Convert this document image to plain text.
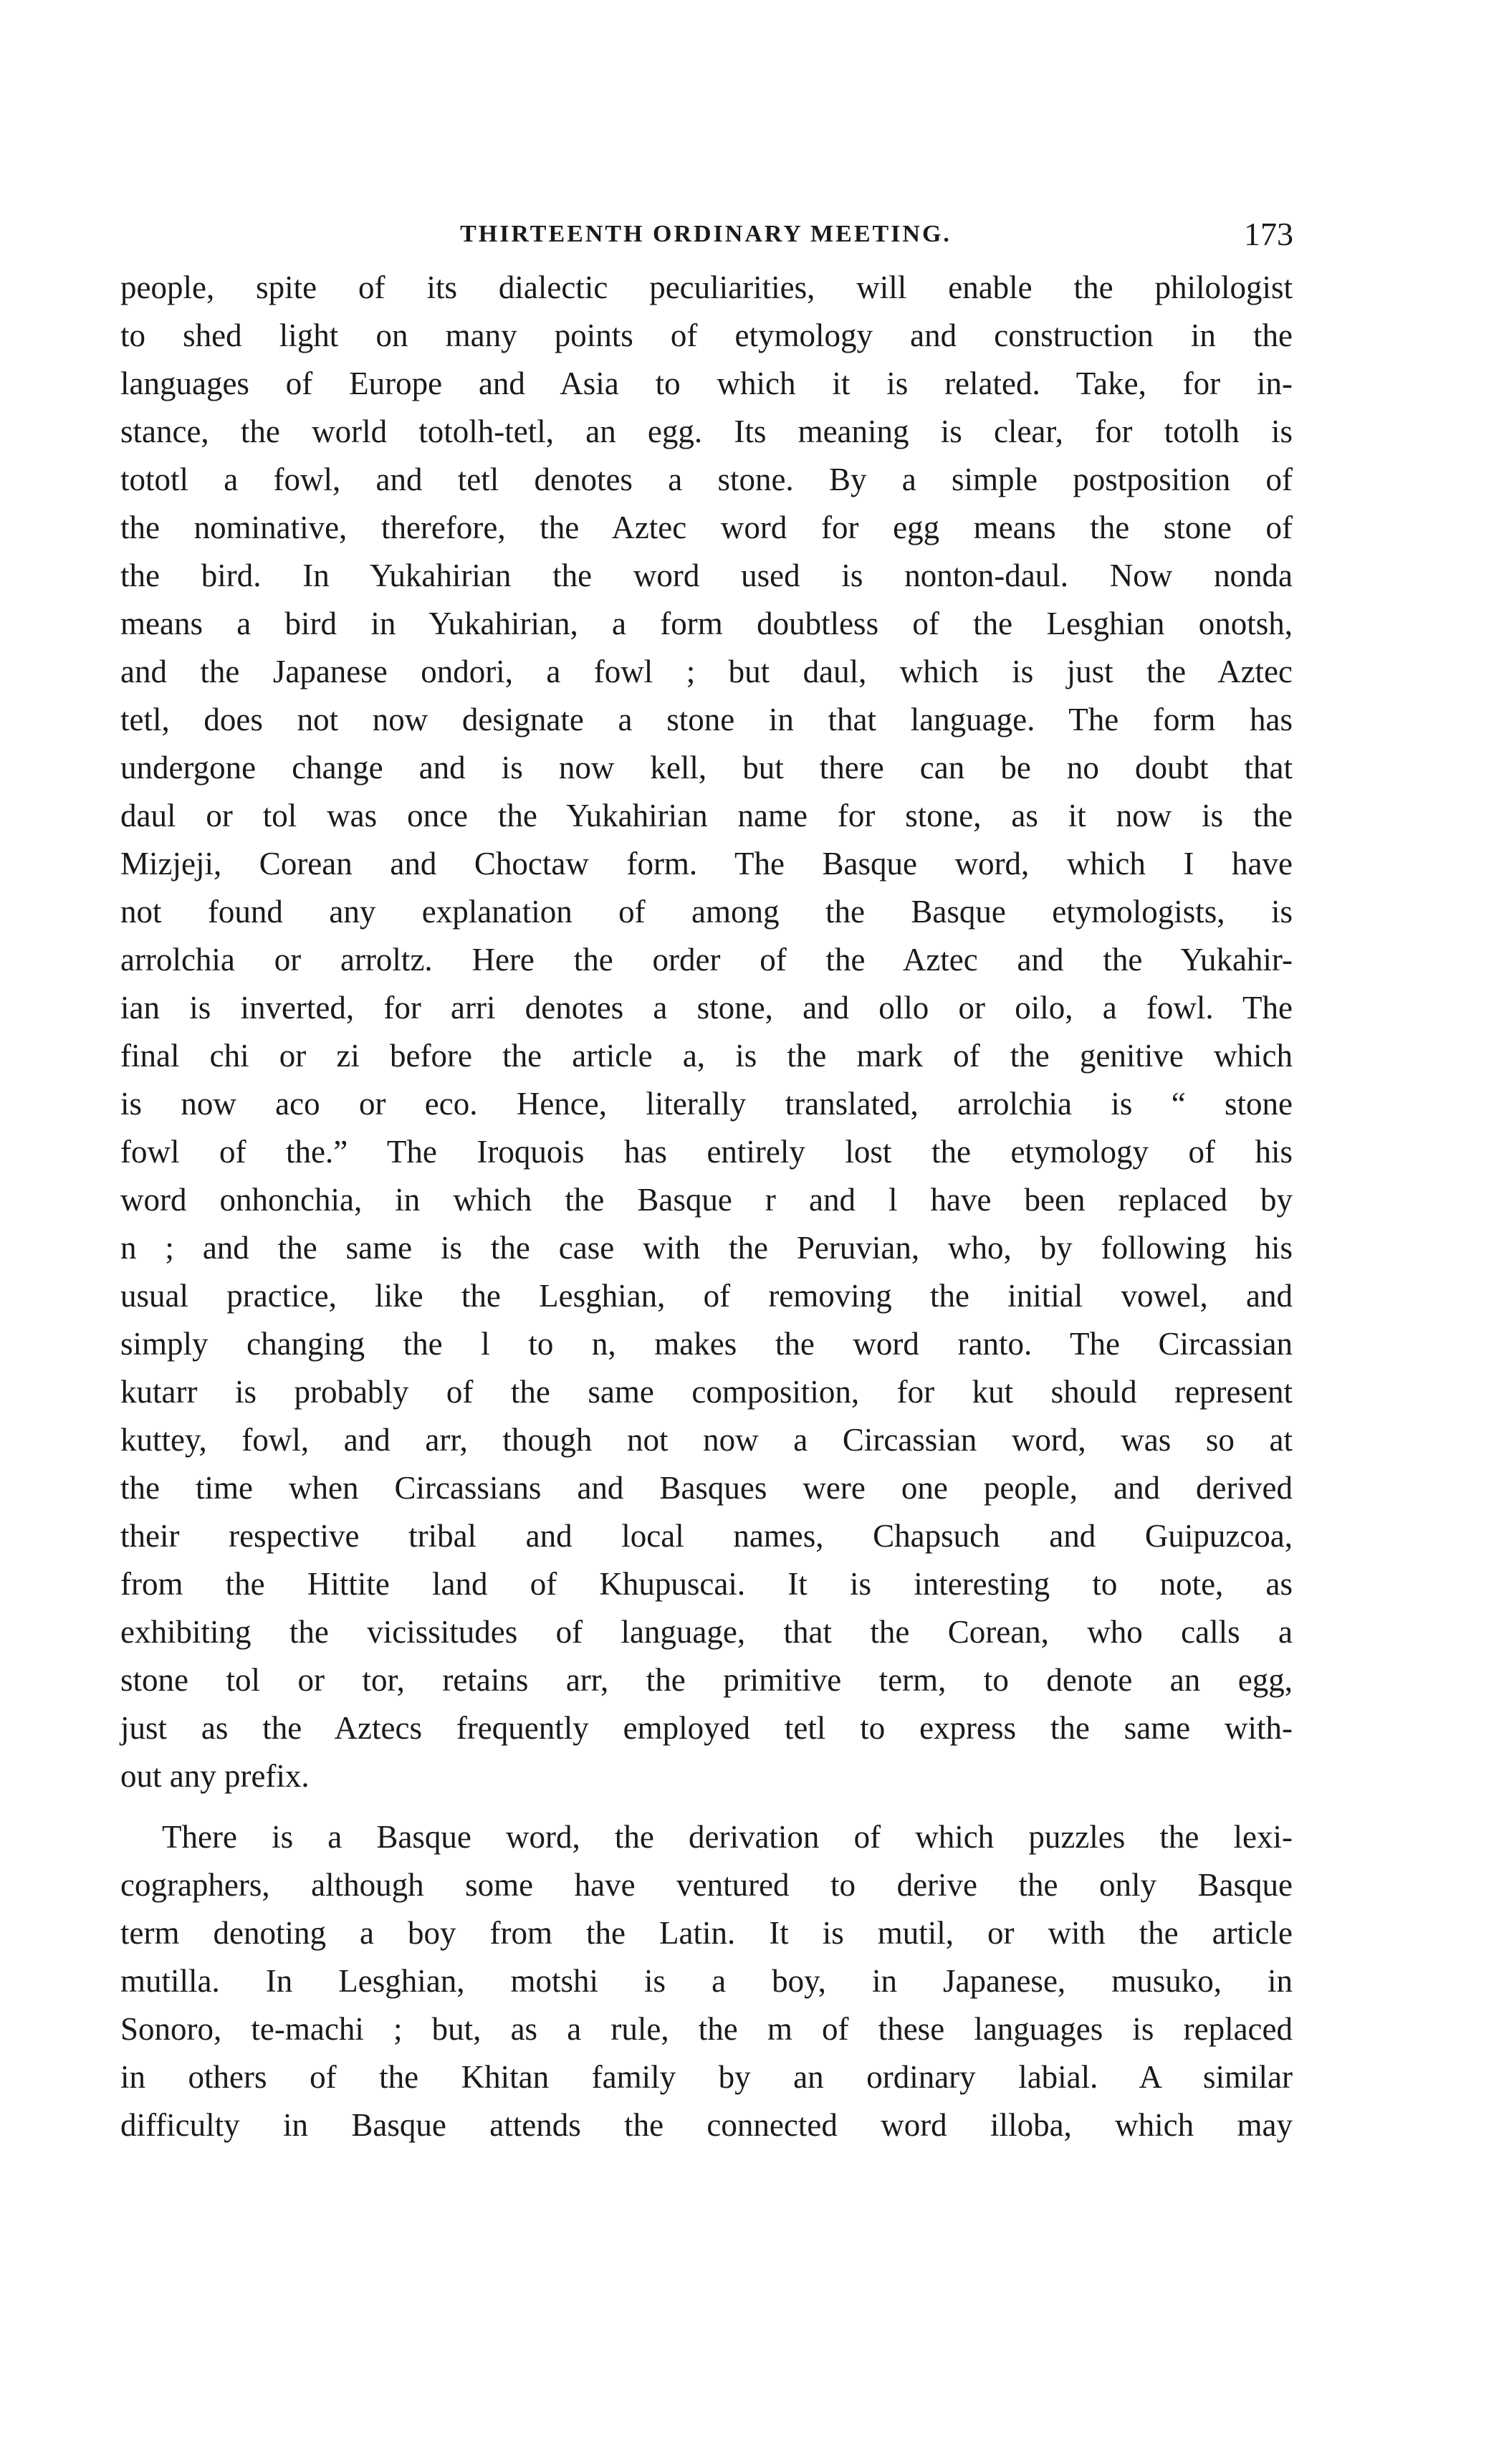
THIRTEENTH ORDINARY MEETING.	173
people, spite of its dialectic peculiarities, will enable the philologist
to shed light on many points of etymology and construction in the
languages of Europe and Asia to which it is related. Take, for in-
stance, the world totolh-tetl, an egg. Its meaning is clear, for totolh is
tototl a fowl, and tetl denotes a stone. By a simple postposition of
the nominative, therefore, the Aztec word for egg means the stone of
the bird. In Yukahirian the word used is nonton-daul. Now nonda
means a bird in Yukahirian, a form doubtless of the Lesghian onotsh,
and the Japanese ondori, a fowl ; but daul, which is just the Aztec
tetl, does not now designate a stone in that language. The form has
undergone change and is now kell, but there can be no doubt that
daul or tol was once the Yukahirian name for stone, as it now is the
Mizjeji, Corean and Choctaw form. The Basque word, which I have
not found any explanation of among the Basque etymologists, is
arrolchia or arroltz. Here the order of the Aztec and the Yukahir-
ian is inverted, for arri denotes a stone, and ollo or oilo, a fowl. The
final chi or zi before the article a, is the mark of the genitive which
is now aco or eco. Hence, literally translated, arrolchia is “ stone
fowl of the.” The Iroquois has entirely lost the etymology of his
word onhonchia, in which the Basque r and l have been replaced by
n ; and the same is the case with the Peruvian, who, by following his
usual practice, like the Lesghian, of removing the initial vowel, and
simply changing the l to n, makes the word ranto. The Circassian
kutarr is probably of the same composition, for kut should represent
kuttey, fowl, and arr, though not now a Circassian word, was so at
the time when Circassians and Basques were one people, and derived
their respective tribal and local names, Chapsuch and Guipuzcoa,
from the Hittite land of Khupuscai. It is interesting to note, as
exhibiting the vicissitudes of language, that the Corean, who calls a
stone tol or tor, retains arr, the primitive term, to denote an egg,
just as the Aztecs frequently employed tetl to express the same with-
out any prefix.
There is a Basque word, the derivation of which puzzles the lexi-
cographers, although some have ventured to derive the only Basque
term denoting a boy from the Latin. It is mutil, or with the article
mutilla. In Lesghian, motshi is a boy, in Japanese, musuko, in
Sonoro, te-machi ; but, as a rule, the m of these languages is replaced
in others of the Khitan family by an ordinary labial. A similar
difficulty in Basque attends the connected word illoba, which may
